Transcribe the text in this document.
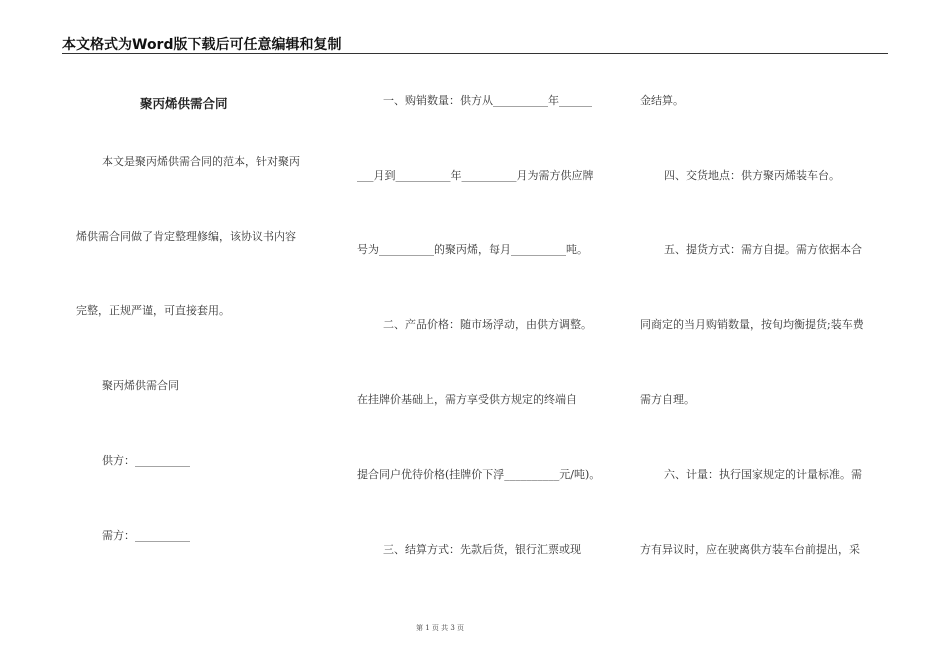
本文格式为Word版下载后可任意编辑和复制
聚丙烯供需合同
本文是聚丙烯供需合同的范本，针对聚丙
烯供需合同做了肯定整理修编，该协议书内容
完整，正规严谨，可直接套用。
聚丙烯供需合同
供方：__________
需方：__________
一、购销数量：供方从__________年______
___月到__________年__________月为需方供应牌
号为__________的聚丙烯，每月__________吨。
二、产品价格：随市场浮动，由供方调整。
在挂牌价基础上，需方享受供方规定的终端自
提合同户优待价格(挂牌价下浮__________元/吨)。
三、结算方式：先款后货，银行汇票或现
金结算。
四、交货地点：供方聚丙烯装车台。
五、提货方式：需方自提。需方依据本合
同商定的当月购销数量，按旬均衡提货;装车费
需方自理。
六、计量：执行国家规定的计量标准。需
方有异议时，应在驶离供方装车台前提出，采
第 1 页 共 3 页
